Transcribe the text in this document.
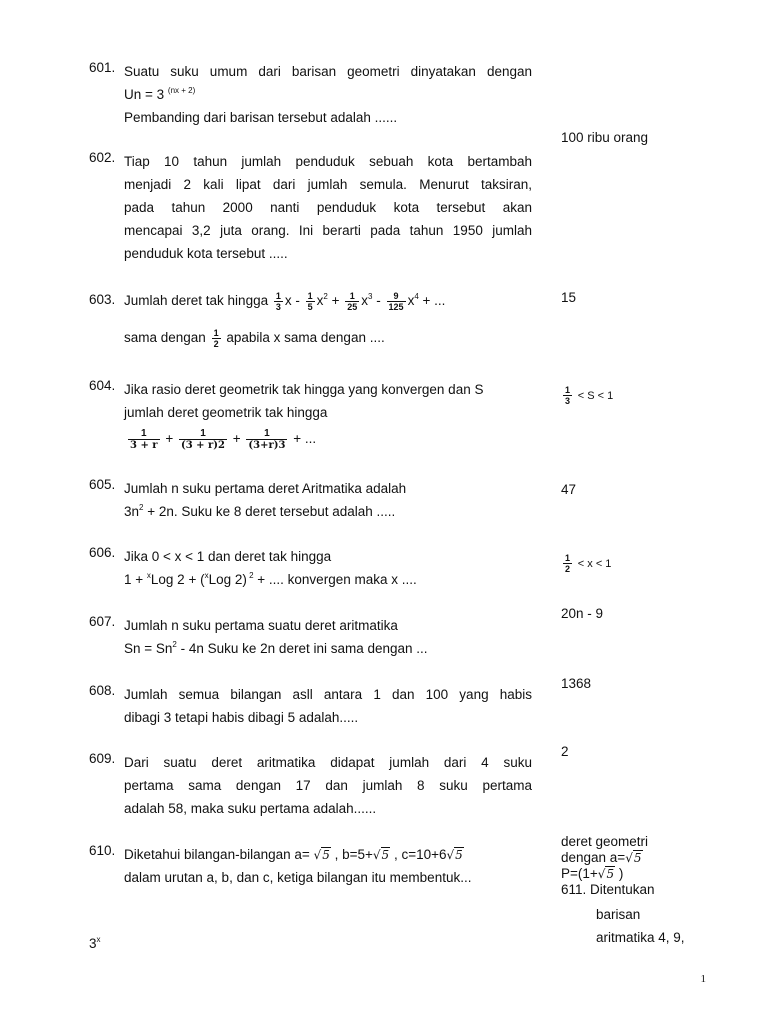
601. Suatu suku umum dari barisan geometri dinyatakan dengan
Un = 3 $^{(nx + 2)}$
Pembanding dari barisan tersebut adalah ......
100 ribu orang
602. Tiap 10 tahun jumlah penduduk sebuah kota bertambah
menjadi 2 kali lipat dari jumlah semula. Menurut taksiran,
pada tahun 2000 nanti penduduk kota tersebut akan
mencapai 3,2 juta orang. Ini berarti pada tahun 1950 jumlah
penduduk kota tersebut .....
603. Jumlah deret tak hingga $\frac{1}{3}$ $x - \frac{1}{5} x^2 + \frac{1}{25} x^3 - \frac{9}{125} x^4$ + ...
sama dengan $\frac{1}{2}$ apabila x sama dengan ....
15
604. Jika rasio deret geometrik tak hingga yang konvergen dan S
jumlah deret geometrik tak hingga
$\frac{1}{3 + r} + \frac{1}{(3 + r)2} + \frac{1}{(3+r)3}$ + ...
$\frac{1}{3} < S < 1$
605. Jumlah n suku pertama deret Aritmatika adalah
$3n^2 + 2n$. Suku ke 8 deret tersebut adalah .....
47
606. Jika 0 < x < 1 dan deret tak hingga
1 + $^x$Log 2 + ($^x$Log 2) $^2$ + .... konvergen maka x ....
$\frac{1}{2} < x < 1$
20n - 9
607. Jumlah n suku pertama suatu deret aritmatika
$Sn = Sn^2 - 4n$ Suku ke 2n deret ini sama dengan ...
1368
608. Jumlah semua bilangan asll antara 1 dan 100 yang habis
dibagi 3 tetapi habis dibagi 5 adalah.....
2
609. Dari suatu deret aritmatika didapat jumlah dari 4 suku
pertama sama dengan 17 dan jumlah 8 suku pertama
adalah 58, maka suku pertama adalah......
610. Diketahui bilangan-bilangan a= √5 , b=5+√5 , c=10+6√5
dalam urutan a, b, dan c, ketiga bilangan itu membentuk...
deret geometri
dengan a=√5
P=(1+√5 )
611. Ditentukan
barisan
aritmatika 4, 9,
3$^x$
1
